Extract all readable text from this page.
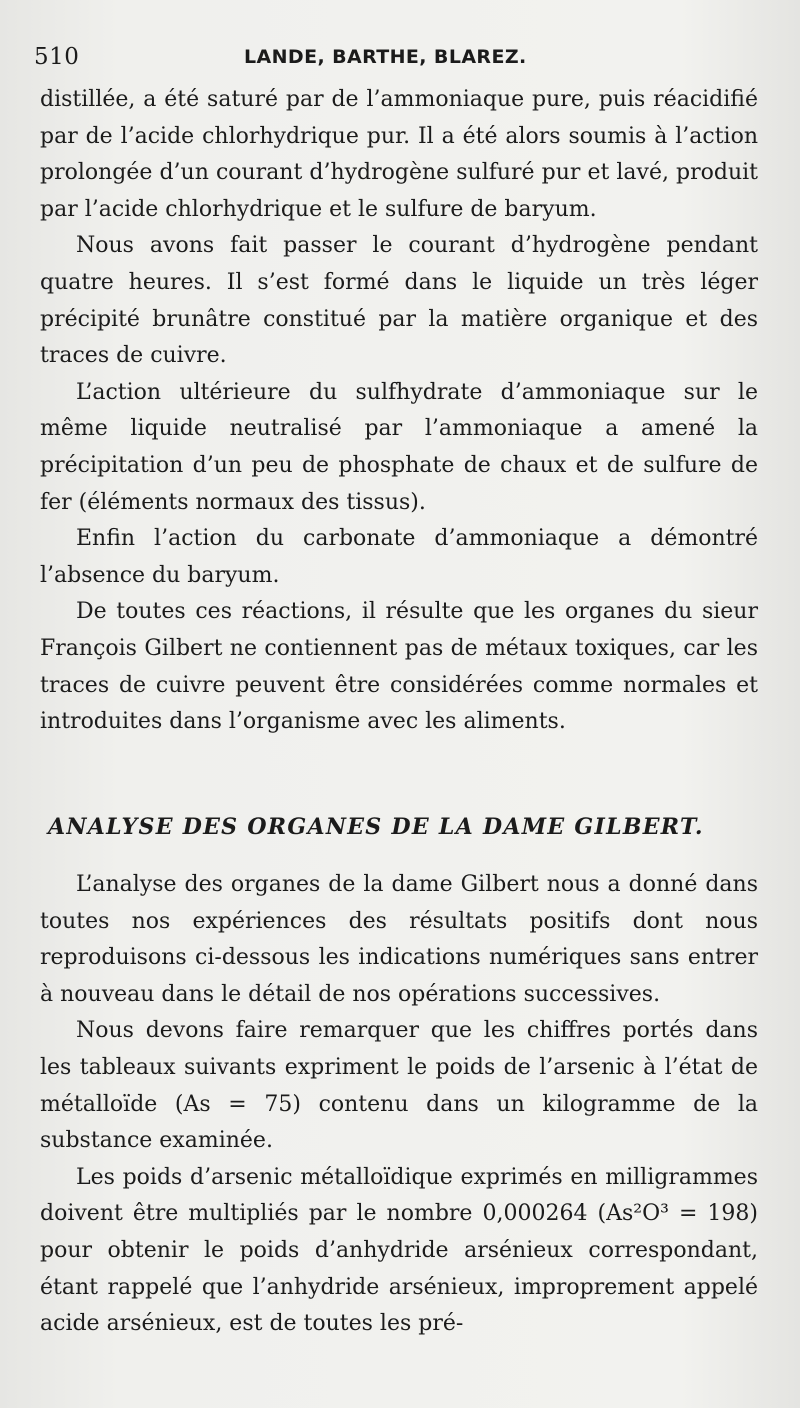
510	LANDE, BARTHE, BLAREZ.

distillée, a été saturé par de l’ammoniaque pure, puis réacidifié par de l’acide chlorhydrique pur. Il a été alors soumis à l’action prolongée d’un courant d’hydrogène sulfuré pur et lavé, produit par l’acide chlorhydrique et le sulfure de baryum.

Nous avons fait passer le courant d’hydrogène pendant quatre heures. Il s’est formé dans le liquide un très léger précipité brunâtre constitué par la matière organique et des traces de cuivre.

L’action ultérieure du sulfhydrate d’ammoniaque sur le même liquide neutralisé par l’ammoniaque a amené la précipitation d’un peu de phosphate de chaux et de sulfure de fer (éléments normaux des tissus).

Enfin l’action du carbonate d’ammoniaque a démontré l’absence du baryum.

De toutes ces réactions, il résulte que les organes du sieur François Gilbert ne contiennent pas de métaux toxiques, car les traces de cuivre peuvent être considérées comme normales et introduites dans l’organisme avec les aliments.

ANALYSE DES ORGANES DE LA DAME GILBERT.

L’analyse des organes de la dame Gilbert nous a donné dans toutes nos expériences des résultats positifs dont nous reproduisons ci-dessous les indications numériques sans entrer à nouveau dans le détail de nos opérations successives.

Nous devons faire remarquer que les chiffres portés dans les tableaux suivants expriment le poids de l’arsenic à l’état de métalloïde (As = 75) contenu dans un kilogramme de la substance examinée.

Les poids d’arsenic métalloïdique exprimés en milligrammes doivent être multipliés par le nombre 0,000264 (As²O³ = 198) pour obtenir le poids d’anhydride arsénieux correspondant, étant rappelé que l’anhydride arsénieux, improprement appelé acide arsénieux, est de toutes les pré-
